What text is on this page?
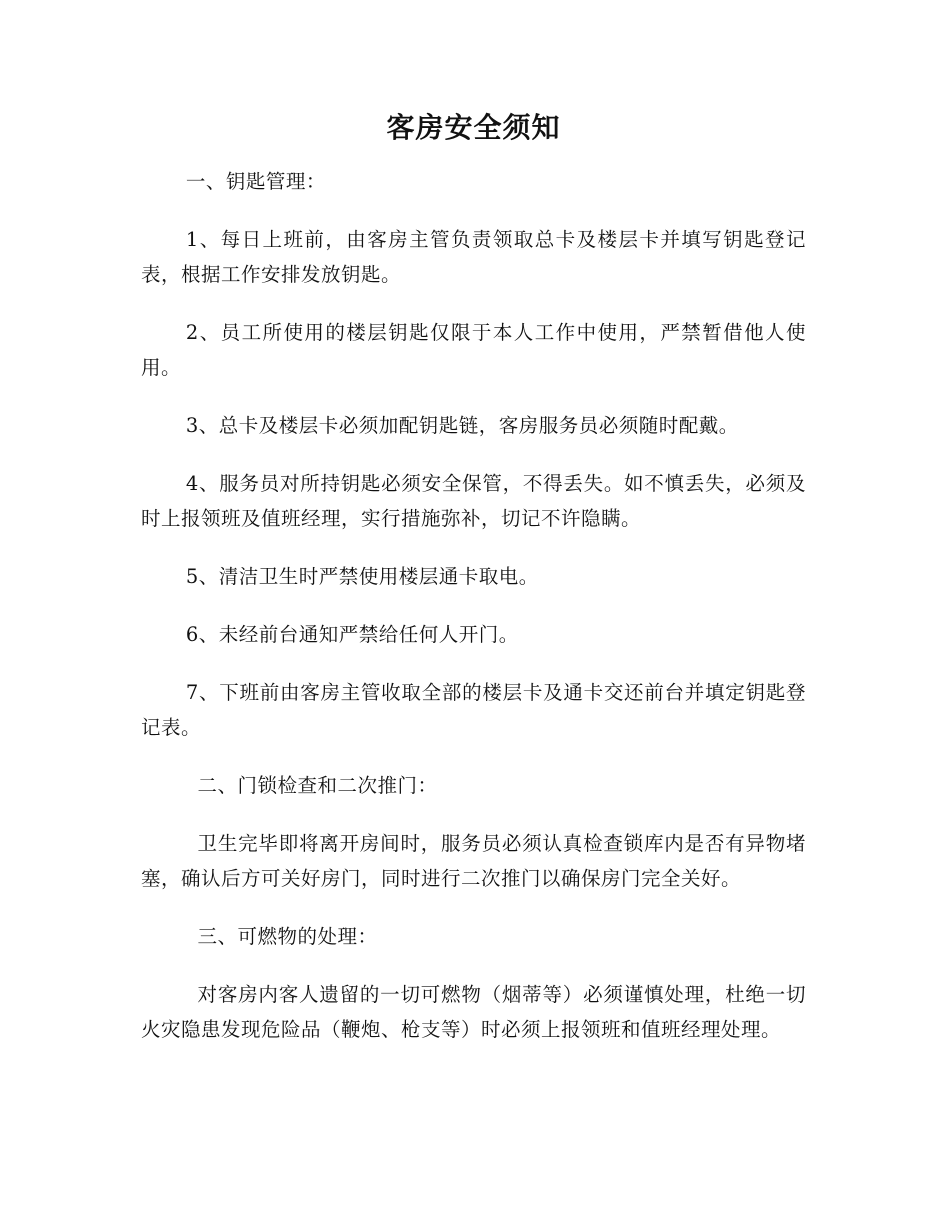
客房安全须知
一、钥匙管理：
1、每日上班前，由客房主管负责领取总卡及楼层卡并填写钥匙登记表，根据工作安排发放钥匙。
2、员工所使用的楼层钥匙仅限于本人工作中使用，严禁暂借他人使用。
3、总卡及楼层卡必须加配钥匙链，客房服务员必须随时配戴。
4、服务员对所持钥匙必须安全保管，不得丢失。如不慎丢失，必须及时上报领班及值班经理，实行措施弥补，切记不许隐瞒。
5、清洁卫生时严禁使用楼层通卡取电。
6、未经前台通知严禁给任何人开门。
7、下班前由客房主管收取全部的楼层卡及通卡交还前台并填定钥匙登记表。
二、门锁检查和二次推门：
卫生完毕即将离开房间时，服务员必须认真检查锁库内是否有异物堵塞，确认后方可关好房门，同时进行二次推门以确保房门完全关好。
三、可燃物的处理：
对客房内客人遗留的一切可燃物（烟蒂等）必须谨慎处理，杜绝一切火灾隐患发现危险品（鞭炮、枪支等）时必须上报领班和值班经理处理。
